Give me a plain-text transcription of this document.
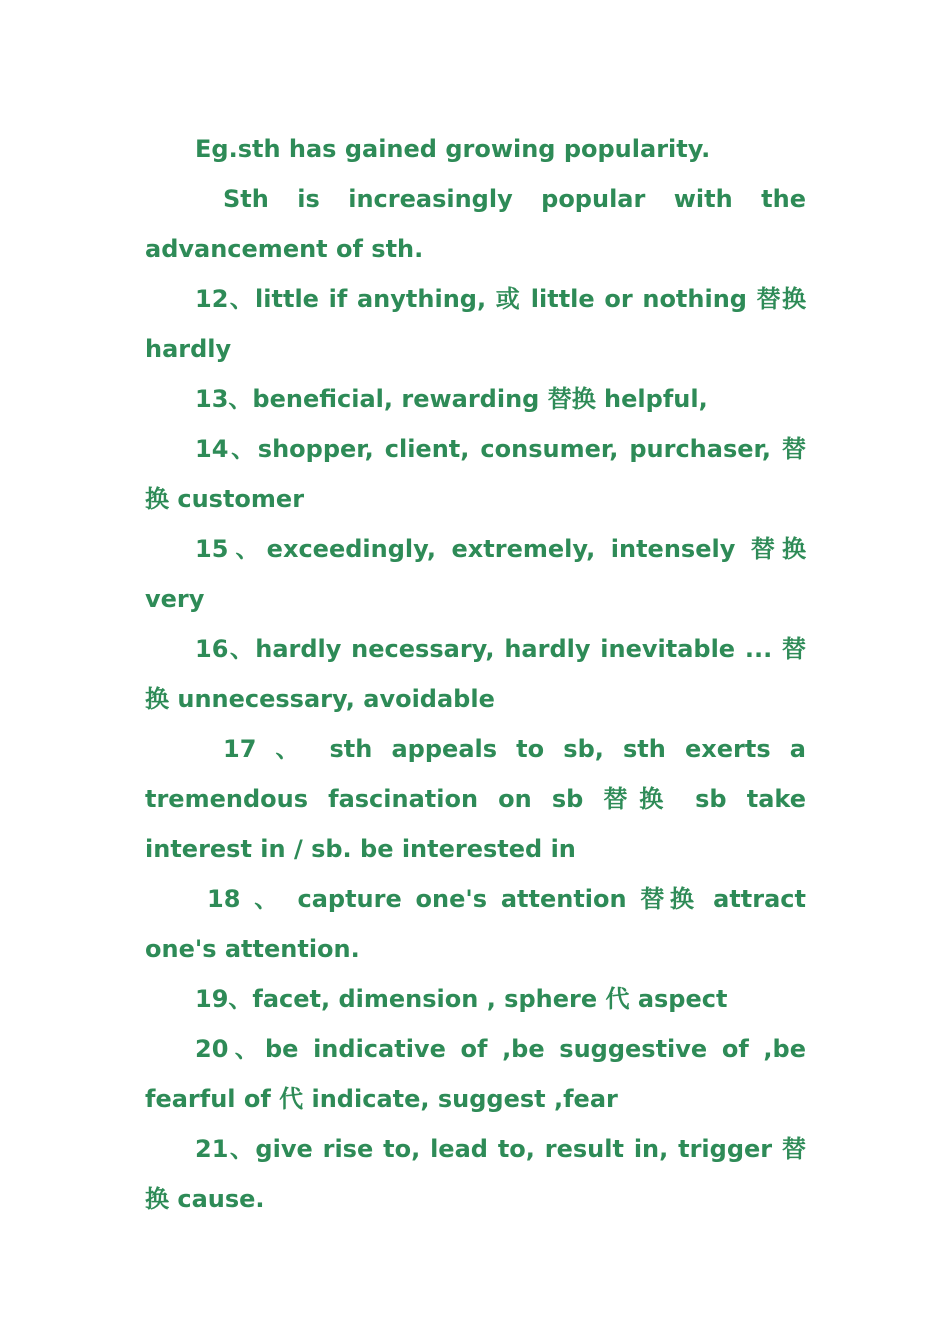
Eg.sth has gained growing popularity.

Sth is increasingly popular with the advancement of sth.

12、little if anything, 或 little or nothing 替换 hardly

13、beneficial, rewarding 替换 helpful,

14、shopper, client, consumer, purchaser, 替换 customer

15、exceedingly, extremely, intensely 替换 very

16、hardly necessary, hardly inevitable ... 替换 unnecessary, avoidable

17 、 sth appeals to sb, sth exerts a tremendous fascination on sb 替换 sb take interest in / sb. be interested in

18 、 capture one's attention 替换 attract one's attention.

19、facet, dimension , sphere 代 aspect

20、be indicative of ,be suggestive of ,be fearful of 代 indicate, suggest ,fear

21、give rise to, lead to, result in, trigger 替换 cause.
